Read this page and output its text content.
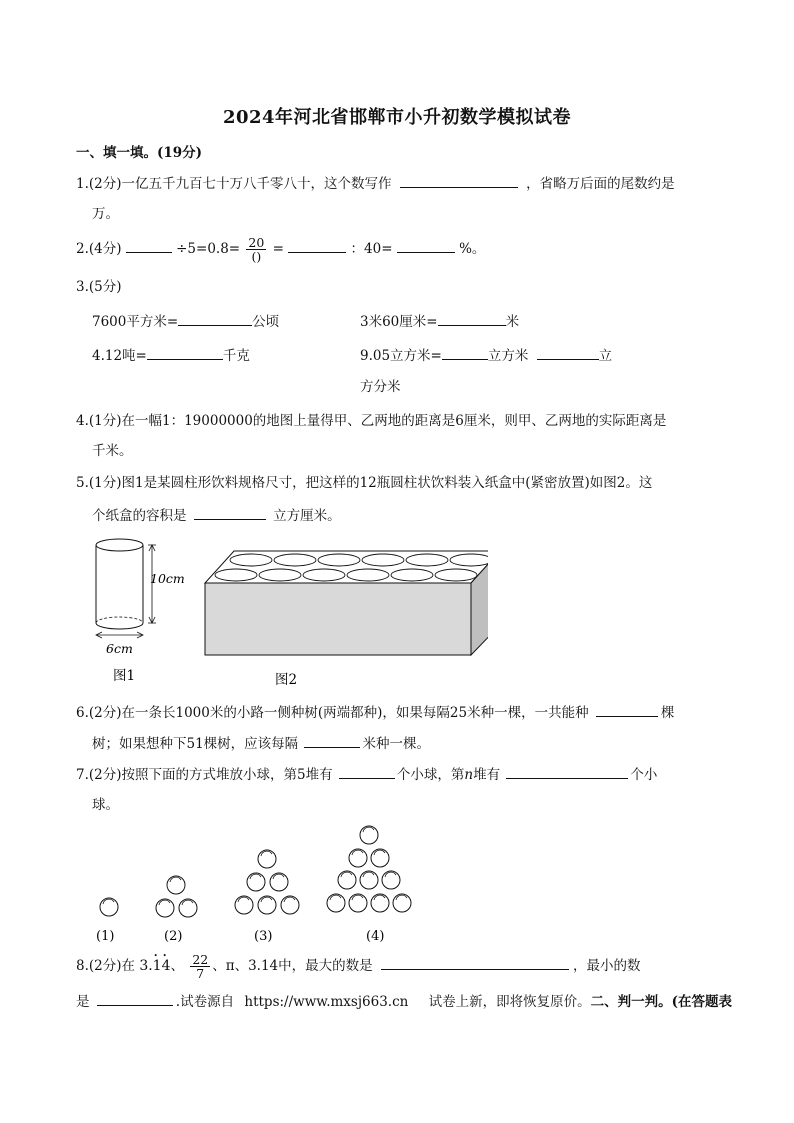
2024年河北省邯郸市小升初数学模拟试卷
一、填一填。(19分)
1.(2分)一亿五千九百七十万八千零八十，这个数写作	，省略万后面的尾数约是
万。
2.(4分)	$\div 5=0.8= \frac{20}{()}$ =	：40=	%。
3.(5分)
7600平方米=	公顷	3米60厘米=	米
4.12吨=	千克	9.05立方米=	立方米	立
方分米
4.(1分)在一幅1：19000000的地图上量得甲、乙两地的距离是6厘米，则甲、乙两地的实际距离是
千米。
5.(1分)图1是某圆柱形饮料规格尺寸，把这样的12瓶圆柱状饮料装入纸盒中(紧密放置)如图2。这
个纸盒的容积是	立方厘米。
10cm
6cm
图1	图2
6.(2分)在一条长1000米的小路一侧种树(两端都种)，如果每隔25米种一棵，一共能种	棵
树；如果想种下51棵树，应该每隔	米种一棵。
7.(2分)按照下面的方式堆放小球，第5堆有	个小球，第n堆有	个小
球。
(1)	(2)	(3)	(4)
8.(2分)在 3.• 1• 4、 $\frac{22}{7}$ 、π、3.14中，最大的数是	，最小的数
是	.试卷源自 https://www.mxsj663.cn 试卷上新，即将恢复原价。二、判一判。(在答题表
